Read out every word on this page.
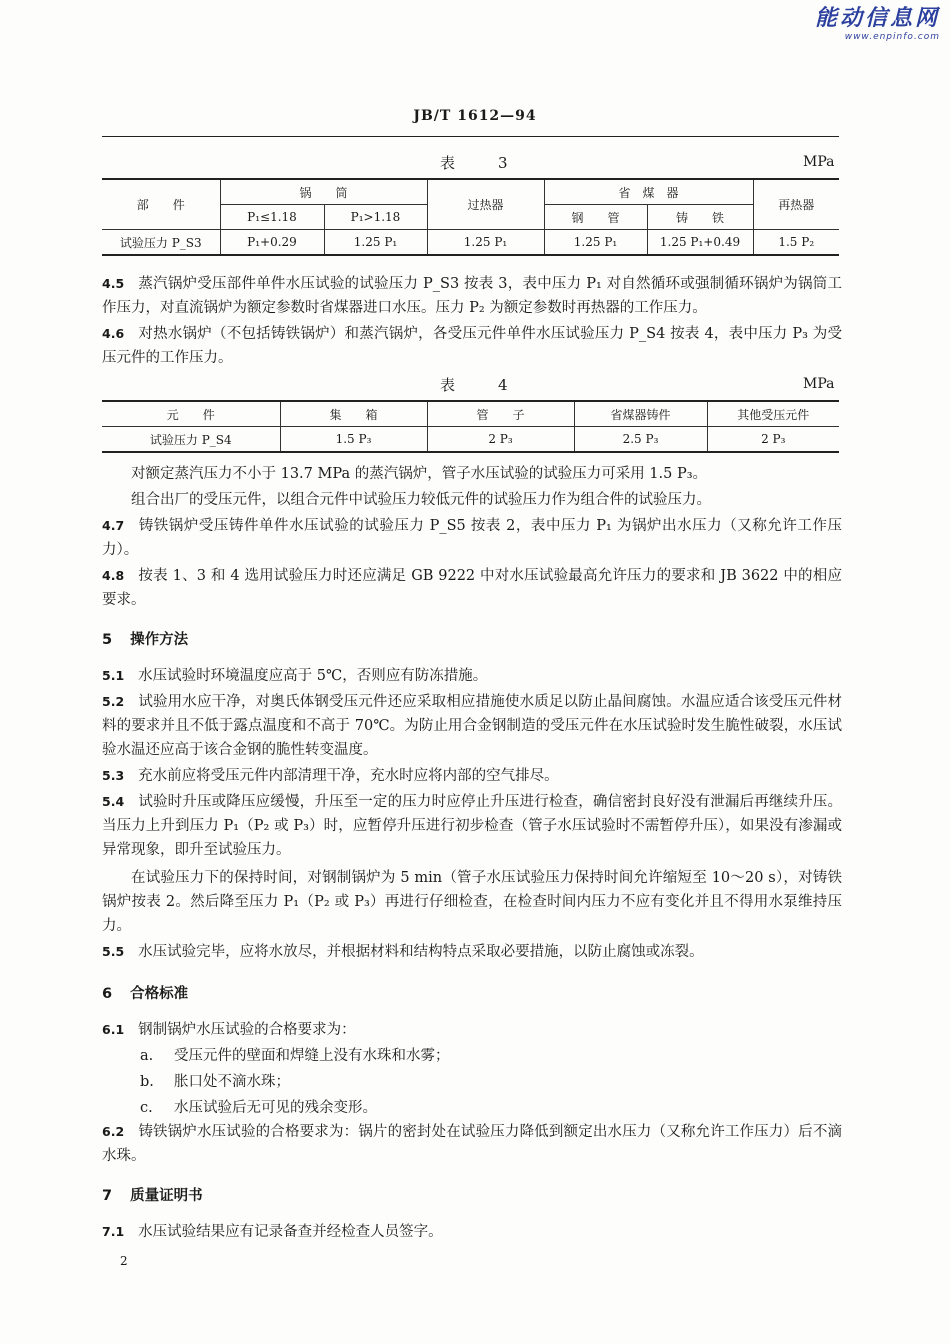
能动信息网
www.enpinfo.com
JB/T 1612—94
表　3	MPa
部　　件	锅　　筒		过热器	省　煤　器		再热器
	P₁≤1.18	P₁>1.18		钢　　管	铸　　铁	
试验压力 P_S3	P₁+0.29	1.25 P₁	1.25 P₁	1.25 P₁	1.25 P₁+0.49	1.5 P₂

4.5 蒸汽锅炉受压部件单件水压试验的试验压力 P_S3 按表 3，表中压力 P₁ 对自然循环或强制循环锅炉为锅筒工作压力，对直流锅炉为额定参数时省煤器进口水压。压力 P₂ 为额定参数时再热器的工作压力。

4.6 对热水锅炉（不包括铸铁锅炉）和蒸汽锅炉，各受压元件单件水压试验压力 P_S4 按表 4，表中压力 P₃ 为受压元件的工作压力。

表　4	MPa
元　　件	集　　箱	管　　子	省煤器铸件	其他受压元件
试验压力 P_S4	1.5 P₃	2 P₃	2.5 P₃	2 P₃

对额定蒸汽压力不小于 13.7 MPa 的蒸汽锅炉，管子水压试验的试验压力可采用 1.5 P₃。

组合出厂的受压元件，以组合元件中试验压力较低元件的试验压力作为组合件的试验压力。

4.7 铸铁锅炉受压铸件单件水压试验的试验压力 P_S5 按表 2，表中压力 P₁ 为锅炉出水压力（又称允许工作压力）。

4.8 按表 1、3 和 4 选用试验压力时还应满足 GB 9222 中对水压试验最高允许压力的要求和 JB 3622 中的相应要求。

5 操作方法

5.1 水压试验时环境温度应高于 5℃，否则应有防冻措施。

5.2 试验用水应干净，对奥氏体钢受压元件还应采取相应措施使水质足以防止晶间腐蚀。水温应适合该受压元件材料的要求并且不低于露点温度和不高于 70℃。为防止用合金钢制造的受压元件在水压试验时发生脆性破裂，水压试验水温还应高于该合金钢的脆性转变温度。

5.3 充水前应将受压元件内部清理干净，充水时应将内部的空气排尽。

5.4 试验时升压或降压应缓慢，升压至一定的压力时应停止升压进行检查，确信密封良好没有泄漏后再继续升压。当压力上升到压力 P₁（P₂ 或 P₃）时，应暂停升压进行初步检查（管子水压试验时不需暂停升压），如果没有渗漏或异常现象，即升至试验压力。

在试验压力下的保持时间，对钢制锅炉为 5 min（管子水压试验压力保持时间允许缩短至 10～20 s），对铸铁锅炉按表 2。然后降至压力 P₁（P₂ 或 P₃）再进行仔细检查，在检查时间内压力不应有变化并且不得用水泵维持压力。

5.5 水压试验完毕，应将水放尽，并根据材料和结构特点采取必要措施，以防止腐蚀或冻裂。

6 合格标准

6.1 钢制锅炉水压试验的合格要求为：

a. 受压元件的壁面和焊缝上没有水珠和水雾；

b. 胀口处不滴水珠；

c. 水压试验后无可见的残余变形。

6.2 铸铁锅炉水压试验的合格要求为：锅片的密封处在试验压力降低到额定出水压力（又称允许工作压力）后不滴水珠。

7 质量证明书

7.1 水压试验结果应有记录备查并经检查人员签字。

2
